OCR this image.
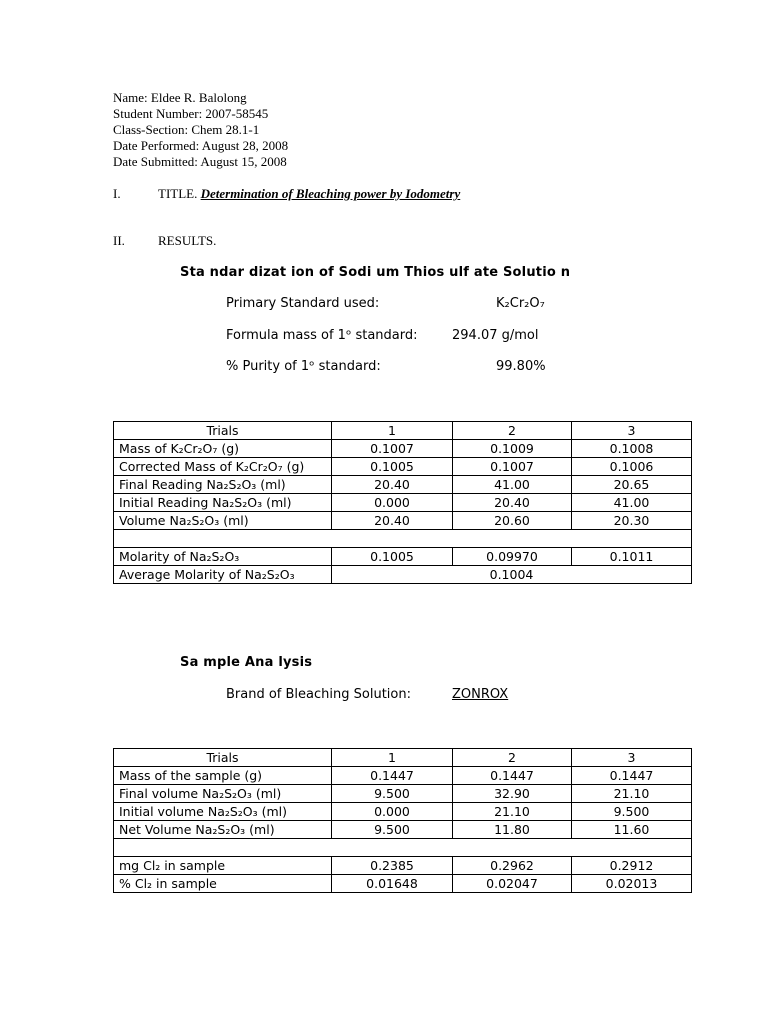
Name: Eldee R. Balolong
Student Number: 2007-58545
Class-Section: Chem 28.1-1
Date Performed: August 28, 2008
Date Submitted: August 15, 2008
I.	TITLE. Determination of Bleaching power by Iodometry
II.	RESULTS.
Sta ndar dizat ion of Sodi um Thios ulf ate Solutio n
Primary Standard used:	K₂Cr₂O₇
Formula mass of 1ᵒ standard:	294.07 g/mol
% Purity of 1ᵒ standard:	99.80%
Trials	1	2	3
Mass of K₂Cr₂O₇ (g)	0.1007	0.1009	0.1008
Corrected Mass of K₂Cr₂O₇ (g)	0.1005	0.1007	0.1006
Final Reading Na₂S₂O₃ (ml)	20.40	41.00	20.65
Initial Reading Na₂S₂O₃ (ml)	0.000	20.40	41.00
Volume Na₂S₂O₃ (ml)	20.40	20.60	20.30

Molarity of Na₂S₂O₃	0.1005	0.09970	0.1011
Average Molarity of Na₂S₂O₃	0.1004		
Sa mple Ana lysis
Brand of Bleaching Solution:	ZONROX
Trials	1	2	3
Mass of the sample (g)	0.1447	0.1447	0.1447
Final volume Na₂S₂O₃ (ml)	9.500	32.90	21.10
Initial volume Na₂S₂O₃ (ml)	0.000	21.10	9.500
Net Volume Na₂S₂O₃ (ml)	9.500	11.80	11.60

mg Cl₂ in sample	0.2385	0.2962	0.2912
% Cl₂ in sample	0.01648	0.02047	0.02013
